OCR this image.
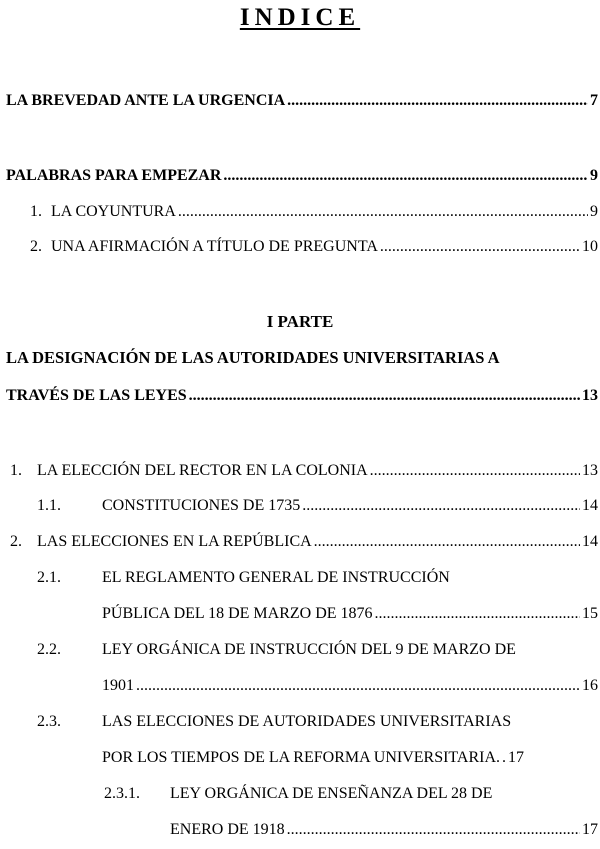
INDICE
LA BREVEDAD ANTE LA URGENCIA .....	7
PALABRAS PARA EMPEZAR .....	9
1. LA COYUNTURA .....	9
2. UNA AFIRMACIÓN A TÍTULO DE PREGUNTA .....	10
I PARTE
LA DESIGNACIÓN DE LAS AUTORIDADES UNIVERSITARIAS A
TRAVÉS DE LAS LEYES .....	13
1. LA ELECCIÓN DEL RECTOR EN LA COLONIA .....	13
1.1.	CONSTITUCIONES DE 1735 .....	14
2. LAS ELECCIONES EN LA REPÚBLICA .....	14
2.1.	EL REGLAMENTO GENERAL DE INSTRUCCIÓN
PÚBLICA DEL 18 DE MARZO DE 1876 .....	15
2.2.	LEY ORGÁNICA DE INSTRUCCIÓN DEL 9 DE MARZO DE
1901 .....	16
2.3.	LAS ELECCIONES DE AUTORIDADES UNIVERSITARIAS
POR LOS TIEMPOS DE LA REFORMA UNIVERSITARIA. ..... 17
2.3.1. LEY ORGÁNICA DE ENSEÑANZA DEL 28 DE
ENERO DE 1918 .....	17
